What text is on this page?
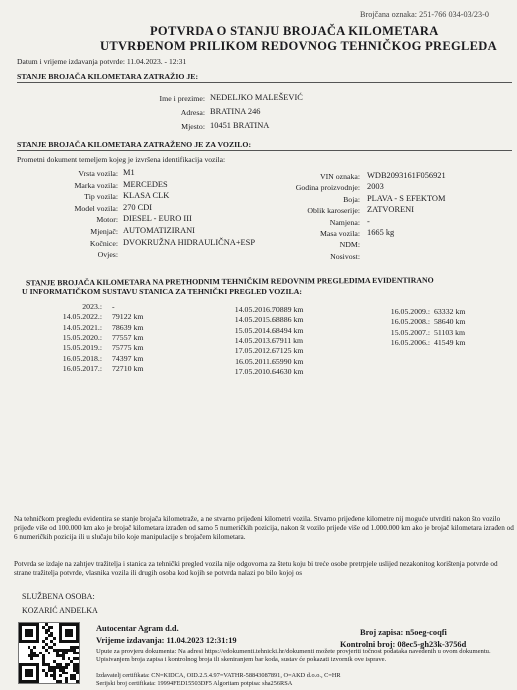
Brojčana oznaka: 251-766 034-03/23-0
POTVRDA O STANJU BROJAČA KILOMETARA
UTVRĐENOM PRILIKOM REDOVNOG TEHNIČKOG PREGLEDA
Datum i vrijeme izdavanja potvrde: 11.04.2023. - 12:31
STANJE BROJAČA KILOMETARA ZATRAŽIO JE:
Ime i prezime: NEDELJKO MALEŠEVIĆ
Adresa: BRATINA 246
Mjesto: 10451 BRATINA
STANJE BROJAČA KILOMETARA ZATRAŽENO JE ZA VOZILO:
Prometni dokument temeljem kojeg je izvršena identifikacija vozila:
Vrsta vozila: M1
Marka vozila: MERCEDES
Tip vozila: KLASA CLK
Model vozila: 270 CDI
Motor: DIESEL - EURO III
Mjenjač: AUTOMATIZIRANI
Kočnice: DVOKRUŽNA HIDRAULIČNA+ESP
Ovjes:
VIN oznaka: WDB2093161F056921
Godina proizvodnje: 2003
Boja: PLAVA - S EFEKTOM
Oblik karoserije: ZATVORENI
Namjena: -
Masa vozila: 1665 kg
NDM:
Nosivost:
STANJE BROJAČA KILOMETARA NA PRETHODNIM TEHNIČKIM REDOVNIM PREGLEDIMA EVIDENTIRANO
U INFORMATIČKOM SUSTAVU STANICA ZA TEHNIČKI PREGLED VOZILA:
2023.: -
14.05.2022.: 79122 km
14.05.2021.: 78639 km
15.05.2020.: 77557 km
15.05.2019.: 75775 km
16.05.2018.: 74397 km
16.05.2017.: 72710 km
14.05.2016.:
70889 km
14.05.2015.:
68886 km
15.05.2014.:
68494 km
14.05.2013.:
67911 km
17.05.2012.:
67125 km
16.05.2011.:
65990 km
17.05.2010.:
64630 km
16.05.2009.: 63332 km
16.05.2008.: 58640 km
15.05.2007.: 51103 km
16.05.2006.: 41549 km
Na tehničkom pregledu evidentira se stanje brojača kilometraže, a ne stvarno prijeđeni kilometri vozila. Stvarno prijeđene kilometre nij moguće utvrditi nakon što vozilo prijeđe više od 100.000 km ako je brojač kilometara izrađen od samo 5 numeričkih pozicija, nakon št vozilo prijeđe više od 1.000.000 km ako je brojač kilometara izrađen od 6 numeričkih pozicija ili u slučaju bilo koje manipulacije s brojačem kilometara.
Potvrda se izdaje na zahtjev tražitelja i stanica za tehnički pregled vozila nije odgovorna za štetu koju bi treće osobe pretrpjele uslijed nezakonitog korištenja potvrde od strane tražitelja potvrde, vlasnika vozila ili drugih osoba kod kojih se potvrda nalazi po bilo kojoj os
SLUŽBENA OSOBA:
KOZARIĆ ANĐELKA
Autocentar Agram d.d.
Vrijeme izdavanja: 11.04.2023 12:31:19
Broj zapisa: n5oeg-coqfi
Kontrolni broj: 08ec5-gh23k-3756d
Upute za provjeru dokumenta: Na adresi https://edokumenti.tehnicki.hr/dokumenti možete provjeriti točnost podataka navedenih u ovom dokumentu. Upisivanjem broja zapisa i kontrolnog broja ili skeniranjem bar koda, sustav će pokazati izvornik ove isprave.
Izdavatelj certifikata: CN=KIDCA, OID.2.5.4.97=VATHR-58843087891, O=AKD d.o.o., C=HR
Serijski broj certifikata: 19994FED15503DF5 Algoritam potpisa: sha256RSA
